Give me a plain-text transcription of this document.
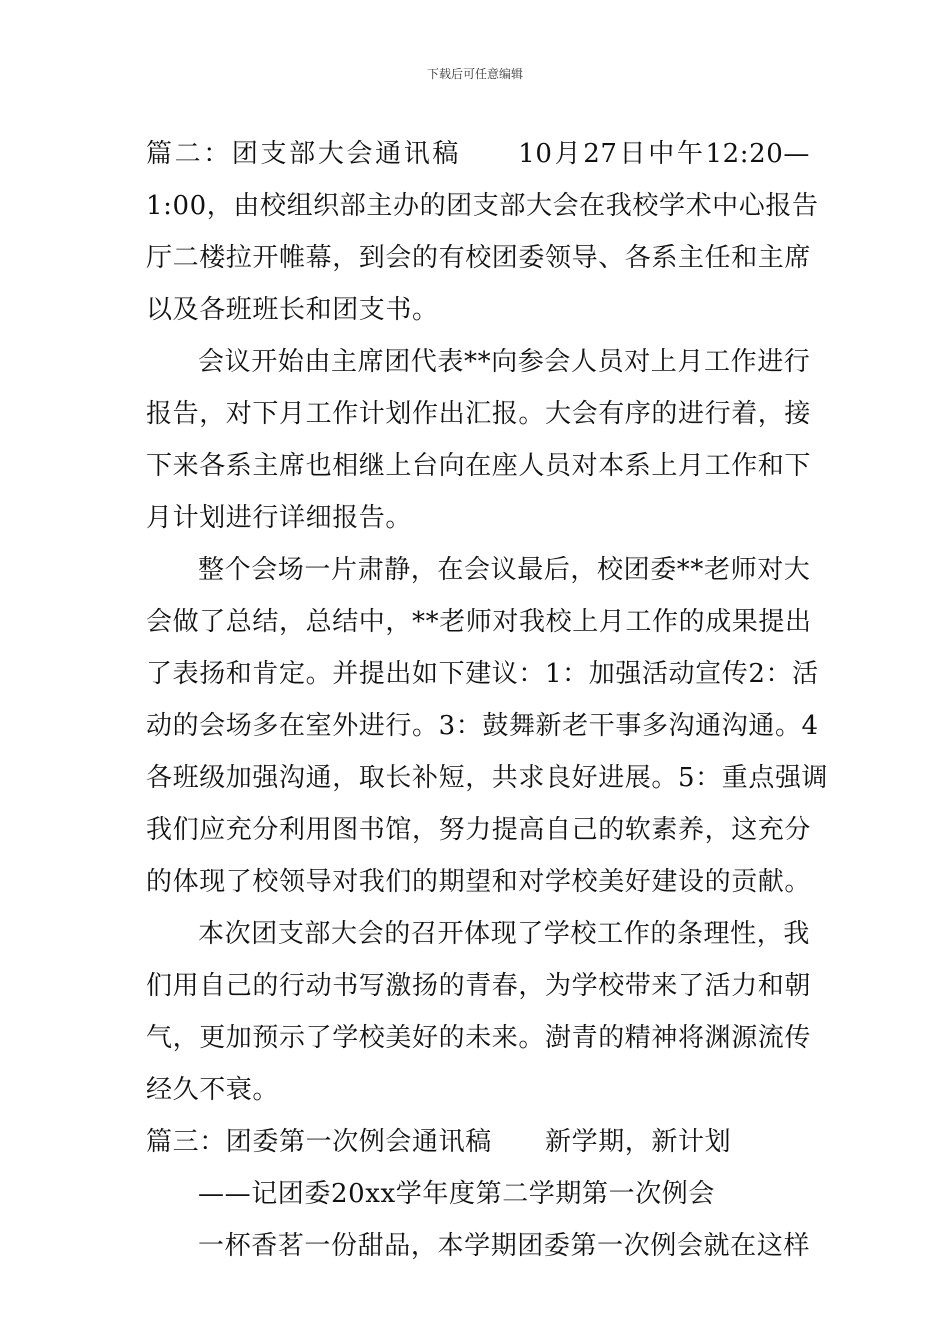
下载后可任意编辑
篇二：团支部大会通讯稿　　10月27日中午12:20—
1:00，由校组织部主办的团支部大会在我校学术中心报告
厅二楼拉开帷幕，到会的有校团委领导、各系主任和主席
以及各班班长和团支书。
会议开始由主席团代表**向参会人员对上月工作进行
报告，对下月工作计划作出汇报。大会有序的进行着，接
下来各系主席也相继上台向在座人员对本系上月工作和下
月计划进行详细报告。
整个会场一片肃静，在会议最后，校团委**老师对大
会做了总结，总结中，**老师对我校上月工作的成果提出
了表扬和肯定。并提出如下建议：1：加强活动宣传2：活
动的会场多在室外进行。3：鼓舞新老干事多沟通沟通。4
各班级加强沟通，取长补短，共求良好进展。5：重点强调
我们应充分利用图书馆，努力提高自己的软素养，这充分
的体现了校领导对我们的期望和对学校美好建设的贡献。
本次团支部大会的召开体现了学校工作的条理性，我
们用自己的行动书写激扬的青春，为学校带来了活力和朝
气，更加预示了学校美好的未来。澍青的精神将渊源流传
经久不衰。
篇三：团委第一次例会通讯稿　　新学期，新计划
——记团委20xx学年度第二学期第一次例会
一杯香茗一份甜品，本学期团委第一次例会就在这样
